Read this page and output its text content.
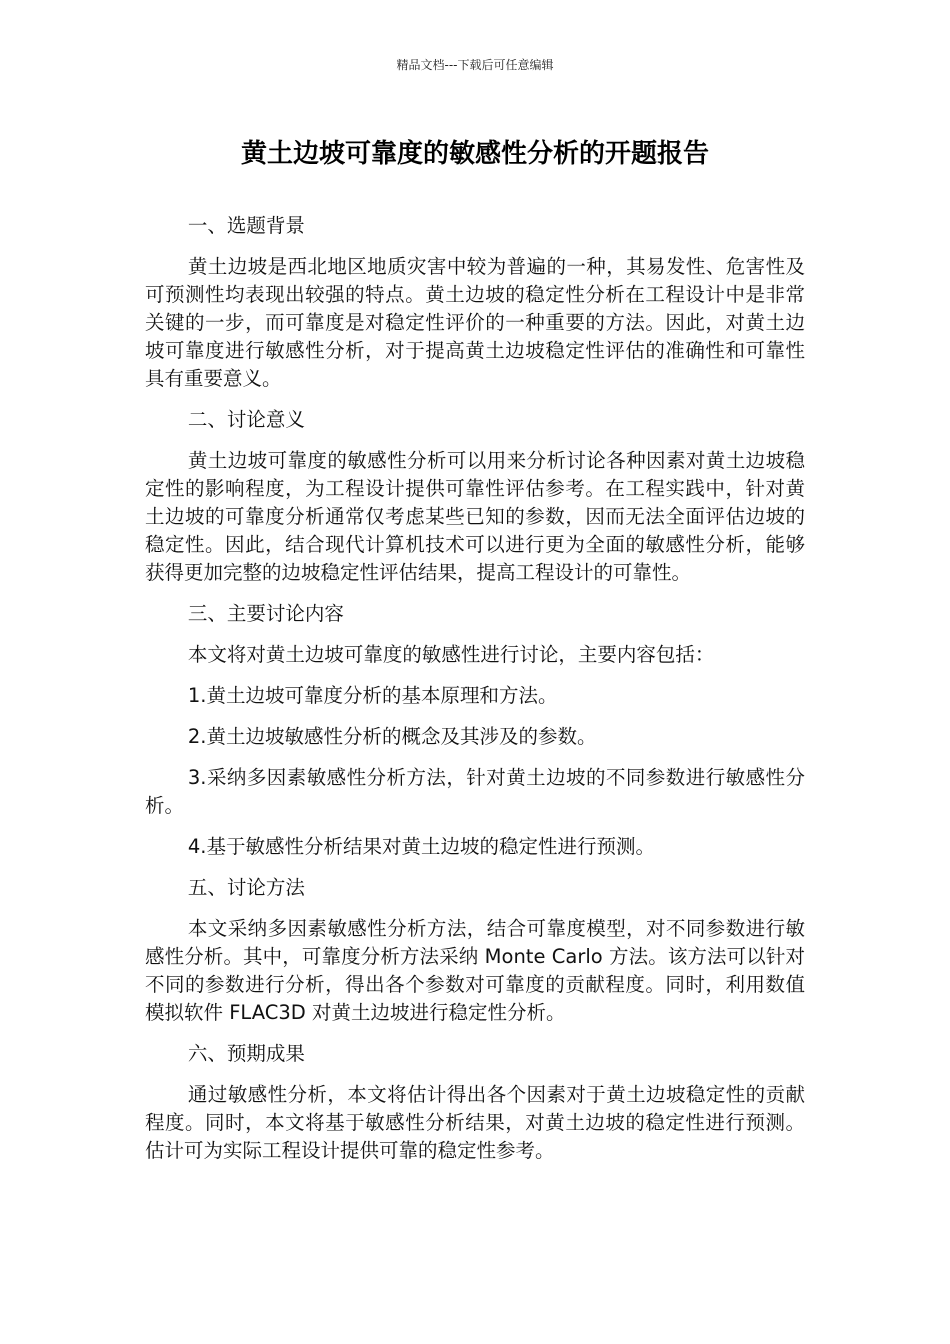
精品文档---下载后可任意编辑
黄土边坡可靠度的敏感性分析的开题报告

一、选题背景

黄土边坡是西北地区地质灾害中较为普遍的一种，其易发性、危害性及可预测性均表现出较强的特点。黄土边坡的稳定性分析在工程设计中是非常关键的一步，而可靠度是对稳定性评价的一种重要的方法。因此，对黄土边坡可靠度进行敏感性分析，对于提高黄土边坡稳定性评估的准确性和可靠性具有重要意义。

二、讨论意义

黄土边坡可靠度的敏感性分析可以用来分析讨论各种因素对黄土边坡稳定性的影响程度，为工程设计提供可靠性评估参考。在工程实践中，针对黄土边坡的可靠度分析通常仅考虑某些已知的参数，因而无法全面评估边坡的稳定性。因此，结合现代计算机技术可以进行更为全面的敏感性分析，能够获得更加完整的边坡稳定性评估结果，提高工程设计的可靠性。

三、主要讨论内容

本文将对黄土边坡可靠度的敏感性进行讨论，主要内容包括：

1.黄土边坡可靠度分析的基本原理和方法。

2.黄土边坡敏感性分析的概念及其涉及的参数。

3.采纳多因素敏感性分析方法，针对黄土边坡的不同参数进行敏感性分析。

4.基于敏感性分析结果对黄土边坡的稳定性进行预测。

五、讨论方法

本文采纳多因素敏感性分析方法，结合可靠度模型，对不同参数进行敏感性分析。其中，可靠度分析方法采纳 Monte Carlo 方法。该方法可以针对不同的参数进行分析，得出各个参数对可靠度的贡献程度。同时，利用数值模拟软件 FLAC3D 对黄土边坡进行稳定性分析。

六、预期成果

通过敏感性分析，本文将估计得出各个因素对于黄土边坡稳定性的贡献程度。同时，本文将基于敏感性分析结果，对黄土边坡的稳定性进行预测。估计可为实际工程设计提供可靠的稳定性参考。
